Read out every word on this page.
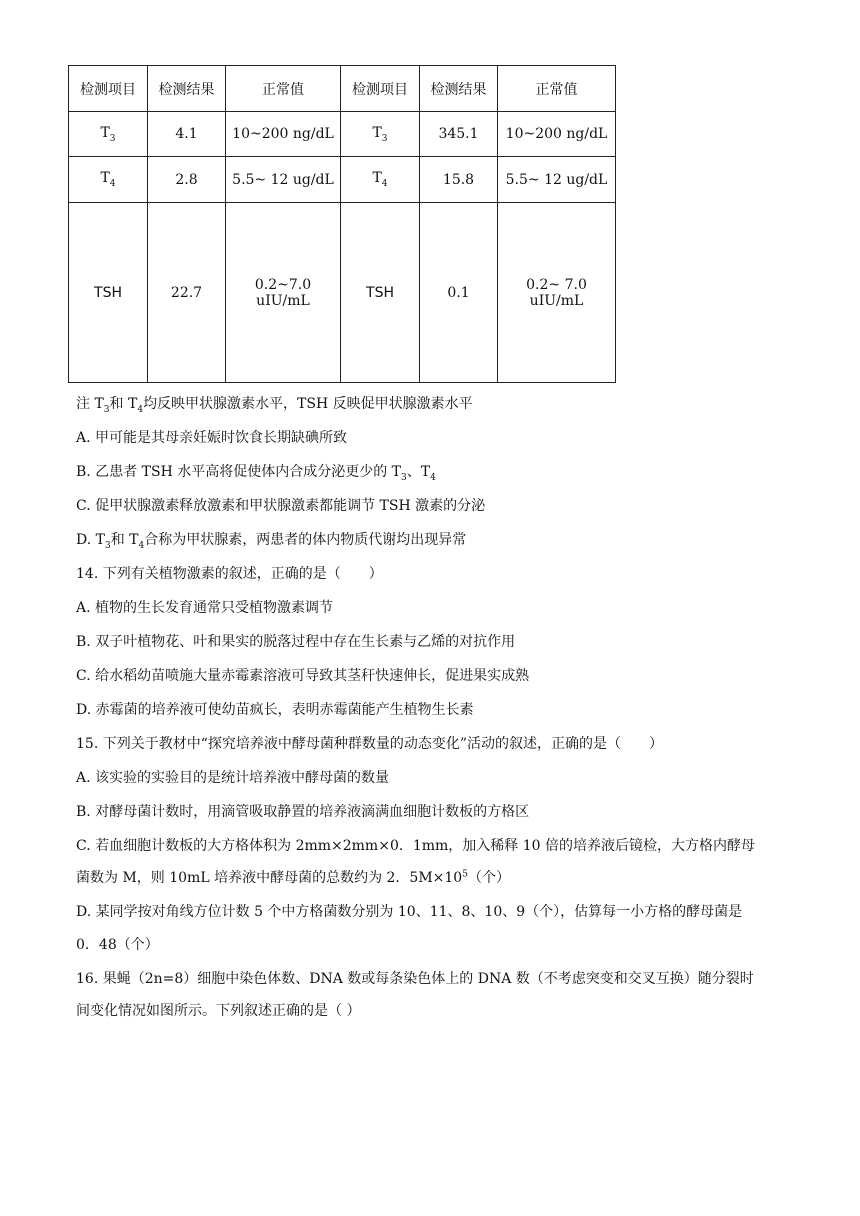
检测项目	检测结果	正常值	检测项目	检测结果	正常值
$T_3$	4.1	10~200 ng/dL	$T_3$	345.1	10~200 ng/dL
$T_4$	2.8	5.5~ 12 ug/dL	$T_4$	15.8	5.5~ 12 ug/dL
TSH	22.7	0.2~7.0 uIU/mL	TSH	0.1	0.2~ 7.0 uIU/mL
注 $T_3$和 $T_4$均反映甲状腺激素水平，TSH 反映促甲状腺激素水平
A. 甲可能是其母亲妊娠时饮食长期缺碘所致
B. 乙患者 TSH 水平高将促使体内合成分泌更少的 $T_3$、$T_4$
C. 促甲状腺激素释放激素和甲状腺激素都能调节 TSH 激素的分泌
D. $T_3$和 $T_4$合称为甲状腺素，两患者的体内物质代谢均出现异常
14. 下列有关植物激素的叙述，正确的是（　　）
A. 植物的生长发育通常只受植物激素调节
B. 双子叶植物花、叶和果实的脱落过程中存在生长素与乙烯的对抗作用
C. 给水稻幼苗喷施大量赤霉素溶液可导致其茎秆快速伸长，促进果实成熟
D. 赤霉菌的培养液可使幼苗疯长，表明赤霉菌能产生植物生长素
15. 下列关于教材中“探究培养液中酵母菌种群数量的动态变化”活动的叙述，正确的是（　　）
A. 该实验的实验目的是统计培养液中酵母菌的数量
B. 对酵母菌计数时，用滴管吸取静置的培养液滴满血细胞计数板的方格区
C. 若血细胞计数板的大方格体积为 2mm×2mm×0．1mm，加入稀释 10 倍的培养液后镜检，大方格内酵母
菌数为 M，则 10mL 培养液中酵母菌的总数约为 2．$5M\times 10^5$（个）
D. 某同学按对角线方位计数 5 个中方格菌数分别为 10、11、8、10、9（个），估算每一小方格的酵母菌是
0．48（个）
16. 果蝇（2n=8）细胞中染色体数、DNA 数或每条染色体上的 DNA 数（不考虑突变和交叉互换）随分裂时
间变化情况如图所示。下列叙述正确的是（ ）
